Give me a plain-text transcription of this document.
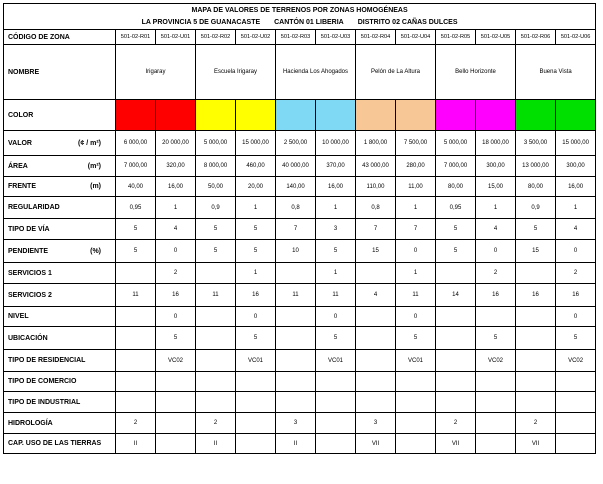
MAPA DE VALORES DE TERRENOS POR ZONAS HOMOGÉNEAS												
LA PROVINCIA 5 DE GUANACASTE CANTÓN 01 LIBERIA DISTRITO 02 CAÑAS DULCES												
CÓDIGO DE ZONA	501-02-R01	501-02-U01	501-02-R02	501-02-U02	501-02-R03	501-02-U03	501-02-R04	501-02-U04	501-02-R05	501-02-U05	501-02-R06	501-02-U06
NOMBRE	Irigaray		Escuela Irigaray		Hacienda Los Ahogados		Pelón de La Altura		Bello Horizonte		Buena Vista	
COLOR												

VALOR (¢ / m²)	6 000,00	20 000,00	5 000,00	15 000,00	2 500,00	10 000,00	1 800,00	7 500,00	5 000,00	18 000,00	3 500,00	15 000,00

ÁREA (m²)	7 000,00	320,00	8 000,00	460,00	40 000,00	370,00	43 000,00	280,00	7 000,00	300,00	13 000,00	300,00

FRENTE (m)	40,00	16,00	50,00	20,00	140,00	16,00	110,00	11,00	80,00	15,00	80,00	16,00
REGULARIDAD	0,95	1	0,9	1	0,8	1	0,8	1	0,95	1	0,9	1
TIPO DE VÍA	5	4	5	5	7	3	7	7	5	4	5	4

PENDIENTE (%)	5	0	5	5	10	5	15	0	5	0	15	0
SERVICIOS 1		2		1		1		1		2		2
SERVICIOS 2	11	16	11	16	11	11	4	11	14	16	16	16
NIVEL		0		0		0		0				0
UBICACIÓN		5		5		5		5		5		5
TIPO DE RESIDENCIAL		VC02		VC01		VC01		VC01		VC02		VC02
TIPO DE COMERCIO												
TIPO DE INDUSTRIAL												
HIDROLOGÍA	2		2		3		3		2		2	
CAP. USO DE LAS TIERRAS	II		II		II		VII		VII		VII	
